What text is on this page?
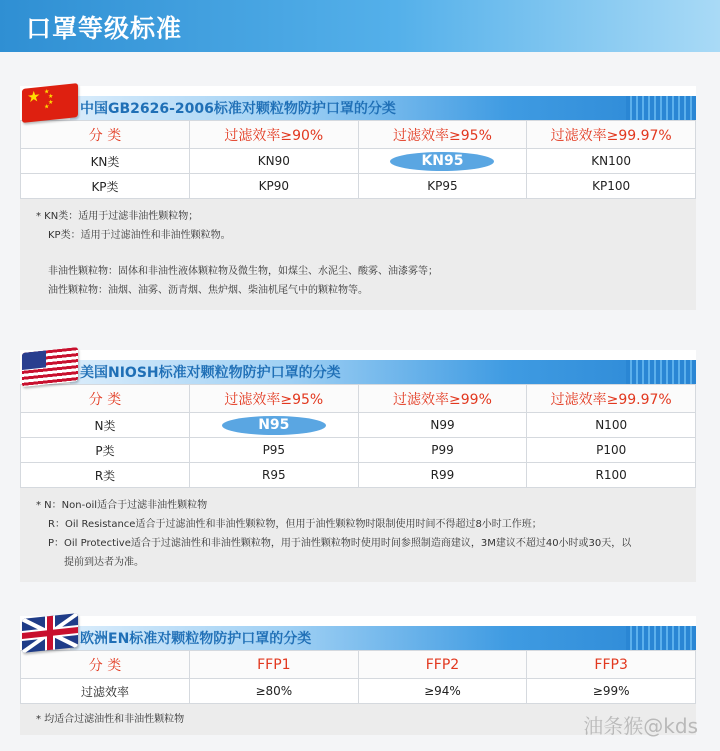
口罩等级标准
★ ★
★
★
★ 中国GB2626-2006标准对颗粒物防护口罩的分类
分 类	过滤效率≥90%	过滤效率≥95%	过滤效率≥99.97%
KN类	KN90	KN95	KN100
KP类	KP90	KP95	KP100

* KN类：适用于过滤非油性颗粒物；

KP类：适用于过滤油性和非油性颗粒物。

非油性颗粒物：固体和非油性液体颗粒物及微生物，如煤尘、水泥尘、酸雾、油漆雾等；

油性颗粒物：油烟、油雾、沥青烟、焦炉烟、柴油机尾气中的颗粒物等。

美国NIOSH标准对颗粒物防护口罩的分类
分 类	过滤效率≥95%	过滤效率≥99%	过滤效率≥99.97%
N类	N95	N99	N100
P类	P95	P99	P100
R类	R95	R99	R100

* N：Non-oil适合于过滤非油性颗粒物

R：Oil Resistance适合于过滤油性和非油性颗粒物，但用于油性颗粒物时限制使用时间不得超过8小时工作班；

P：Oil Protective适合于过滤油性和非油性颗粒物，用于油性颗粒物时使用时间参照制造商建议，3M建议不超过40小时或30天，以

提前到达者为准。

欧洲EN标准对颗粒物防护口罩的分类
分 类	FFP1	FFP2	FFP3
过滤效率	≥80%	≥94%	≥99%

* 均适合过滤油性和非油性颗粒物	油条猴@kds
